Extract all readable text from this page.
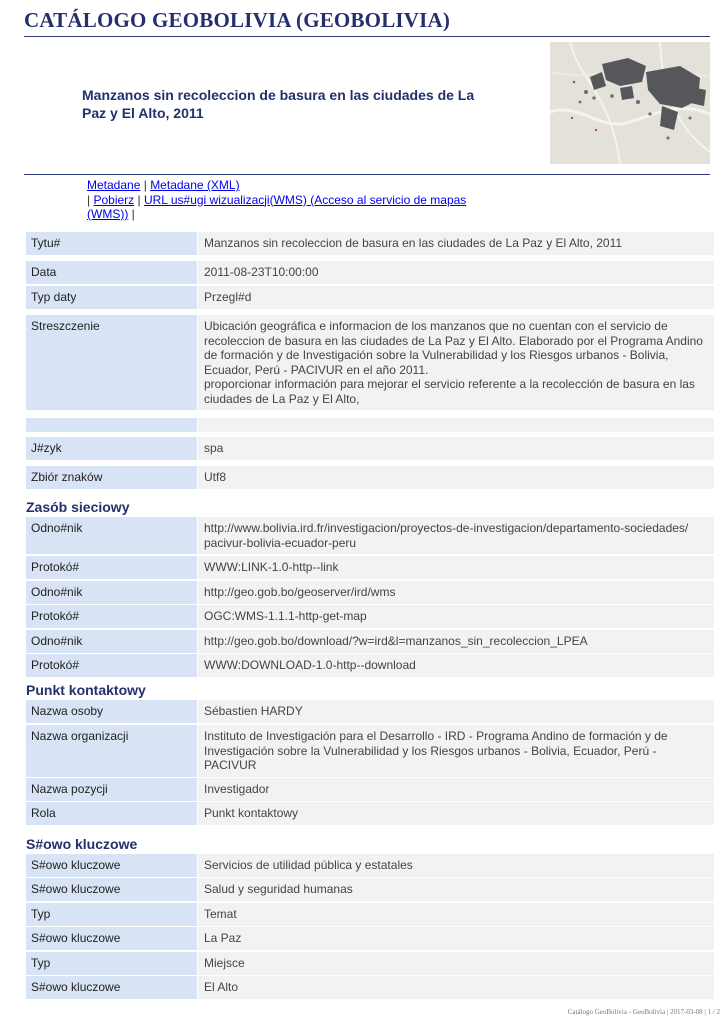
CATÁLOGO GEOBOLIVIA (GEOBOLIVIA)
Manzanos sin recoleccion de basura en las ciudades de La Paz y El Alto, 2011
Metadane | Metadane (XML)
| Pobierz | URL us#ugi wizualizacji(WMS) (Acceso al servicio de mapas (WMS)) |
Tytu#	Manzanos sin recoleccion de basura en las ciudades de La Paz y El Alto, 2011
Data	2011-08-23T10:00:00
Typ daty	Przegl#d
Streszczenie	Ubicación geográfica e informacion de los manzanos que no cuentan con el servicio de recoleccion de basura en las ciudades de La Paz y El Alto. Elaborado por el Programa Andino de formación y de Investigación sobre la Vulnerabilidad y los Riesgos urbanos - Bolivia, Ecuador, Perú - PACIVUR en el año 2011.
proporcionar información para mejorar el servicio referente a la recolección de basura en las ciudades de La Paz y El Alto,
J#zyk	spa
Zbiór znaków	Utf8
Zasób sieciowy
Odno#nik	http://www.bolivia.ird.fr/investigacion/proyectos-de-investigacion/departamento-sociedades/
pacivur-bolivia-ecuador-peru
Protokó#	WWW:LINK-1.0-http--link
Odno#nik	http://geo.gob.bo/geoserver/ird/wms
Protokó#	OGC:WMS-1.1.1-http-get-map
Odno#nik	http://geo.gob.bo/download/?w=ird&l=manzanos_sin_recoleccion_LPEA
Protokó#	WWW:DOWNLOAD-1.0-http--download
Punkt kontaktowy
Nazwa osoby	Sébastien HARDY
Nazwa organizacji	Instituto de Investigación para el Desarrollo - IRD - Programa Andino de formación y de Investigación sobre la Vulnerabilidad y los Riesgos urbanos - Bolivia, Ecuador, Perú - PACIVUR
Nazwa pozycji	Investigador
Rola	Punkt kontaktowy
S#owo kluczowe
S#owo kluczowe	Servicios de utilidad pública y estatales
S#owo kluczowe	Salud y seguridad humanas
Typ	Temat
S#owo kluczowe	La Paz
Typ	Miejsce
S#owo kluczowe	El Alto
Catálogo GeoBolivia - GeoBolivia | 2017-03-08 | 1 / 2
